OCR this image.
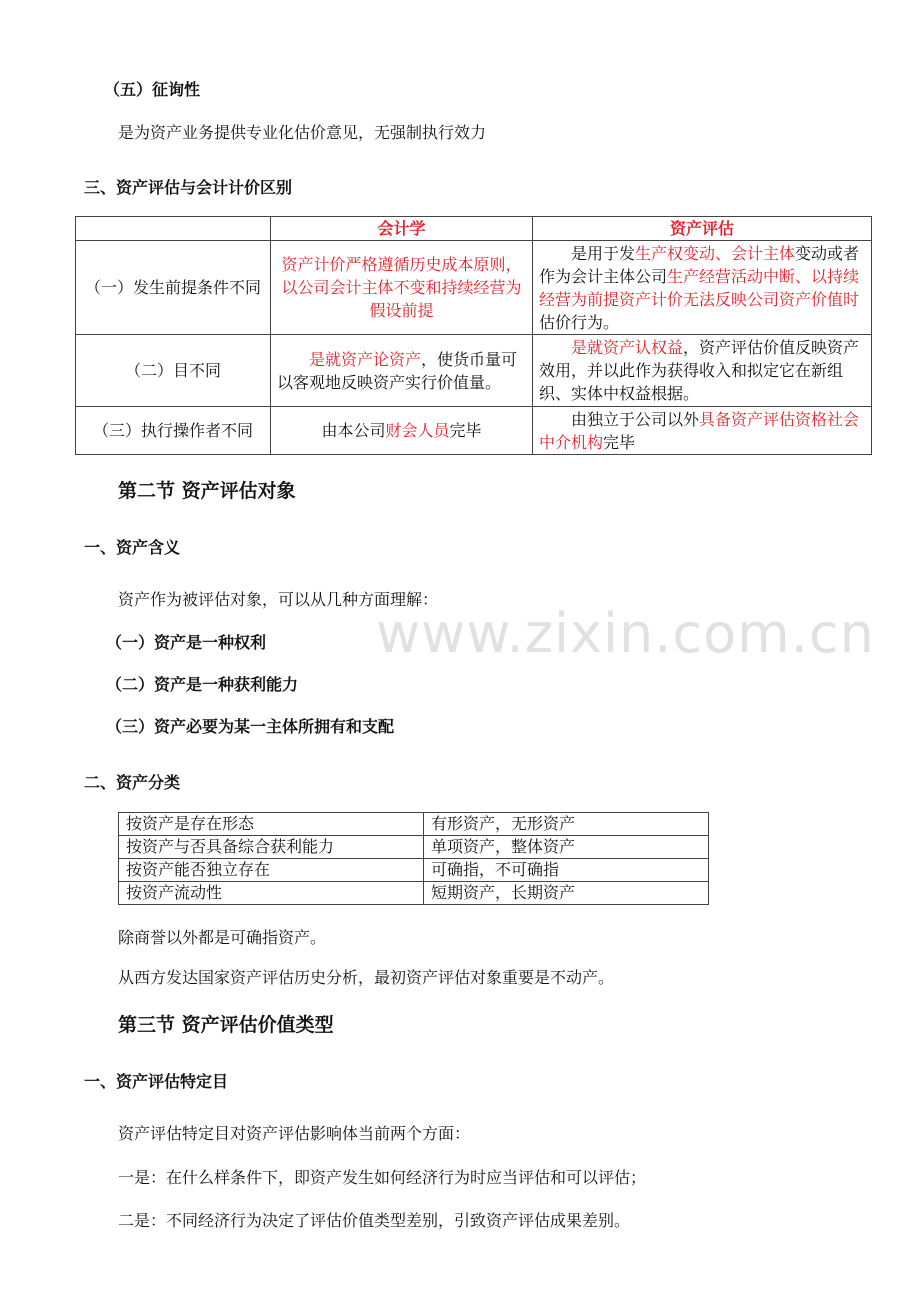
www.zixin.com.cn
（五）征询性
是为资产业务提供专业化估价意见，无强制执行效力
三、资产评估与会计计价区别
	会计学	资产评估
（一）发生前提条件不同	资产计价严格遵循历史成本原则，以公司会计主体不变和持续经营为假设前提	是用于发生产权变动、会计主体变动或者作为会计主体公司生产经营活动中断、以持续经营为前提资产计价无法反映公司资产价值时估价行为。
（二）目不同	是就资产论资产，使货币量可以客观地反映资产实行价值量。	是就资产认权益，资产评估价值反映资产效用，并以此作为获得收入和拟定它在新组织、实体中权益根据。
（三）执行操作者不同	由本公司财会人员完毕	由独立于公司以外具备资产评估资格社会中介机构完毕
第二节 资产评估对象
一、资产含义
资产作为被评估对象，可以从几种方面理解：
（一）资产是一种权利
（二）资产是一种获利能力
（三）资产必要为某一主体所拥有和支配
二、资产分类
按资产是存在形态	有形资产，无形资产
按资产与否具备综合获利能力	单项资产，整体资产
按资产能否独立存在	可确指，不可确指
按资产流动性	短期资产，长期资产
除商誉以外都是可确指资产。
从西方发达国家资产评估历史分析，最初资产评估对象重要是不动产。
第三节 资产评估价值类型
一、资产评估特定目
资产评估特定目对资产评估影响体当前两个方面：
一是：在什么样条件下，即资产发生如何经济行为时应当评估和可以评估；
二是：不同经济行为决定了评估价值类型差别，引致资产评估成果差别。
